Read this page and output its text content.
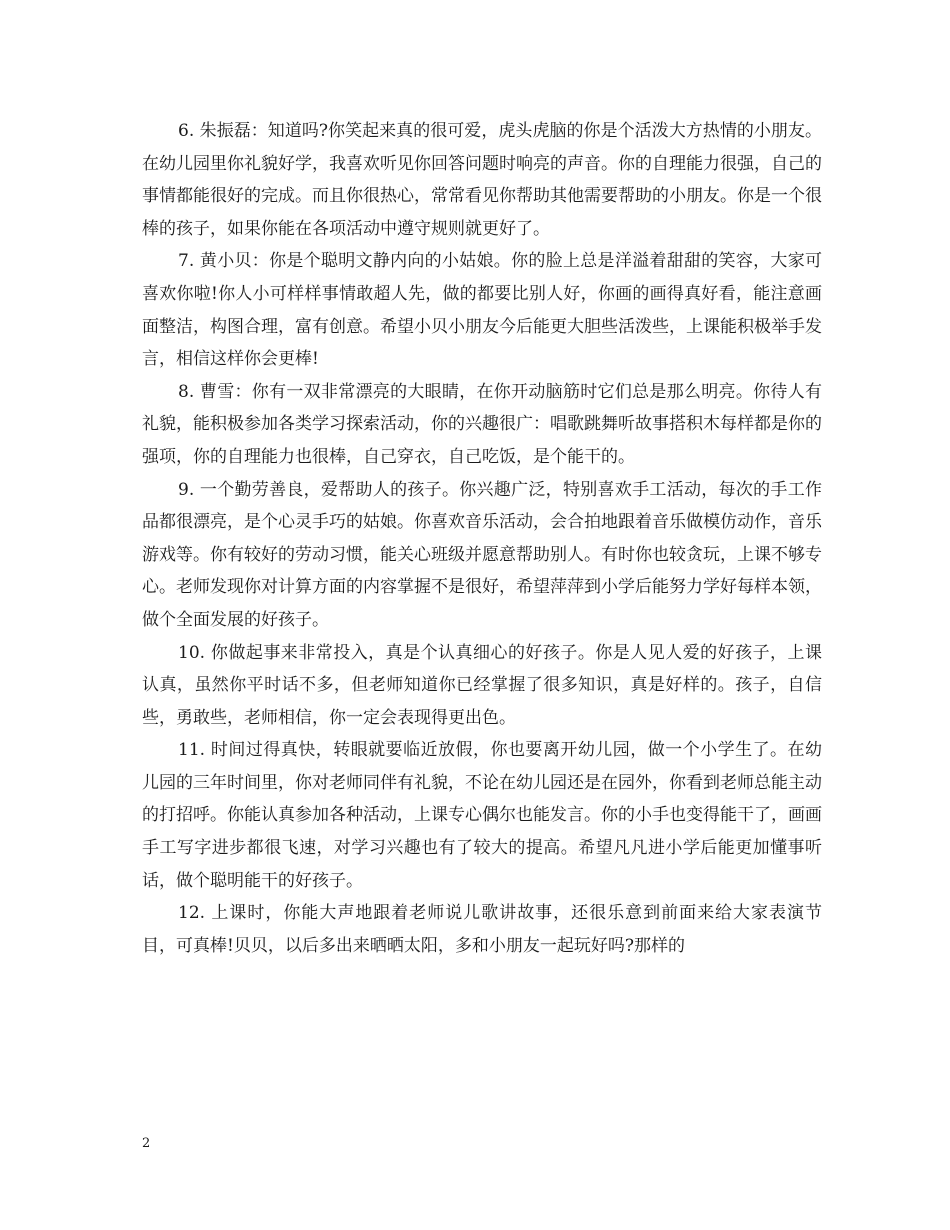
6. 朱振磊：知道吗?你笑起来真的很可爱，虎头虎脑的你是个活泼大方热情的小朋友。在幼儿园里你礼貌好学，我喜欢听见你回答问题时响亮的声音。你的自理能力很强，自己的事情都能很好的完成。而且你很热心，常常看见你帮助其他需要帮助的小朋友。你是一个很棒的孩子，如果你能在各项活动中遵守规则就更好了。

7. 黄小贝：你是个聪明文静内向的小姑娘。你的脸上总是洋溢着甜甜的笑容，大家可喜欢你啦!你人小可样样事情敢超人先，做的都要比别人好，你画的画得真好看，能注意画面整洁，构图合理，富有创意。希望小贝小朋友今后能更大胆些活泼些，上课能积极举手发言，相信这样你会更棒!

8. 曹雪：你有一双非常漂亮的大眼睛，在你开动脑筋时它们总是那么明亮。你待人有礼貌，能积极参加各类学习探索活动，你的兴趣很广：唱歌跳舞听故事搭积木每样都是你的强项，你的自理能力也很棒，自己穿衣，自己吃饭，是个能干的。

9. 一个勤劳善良，爱帮助人的孩子。你兴趣广泛，特别喜欢手工活动，每次的手工作品都很漂亮，是个心灵手巧的姑娘。你喜欢音乐活动，会合拍地跟着音乐做模仿动作，音乐游戏等。你有较好的劳动习惯，能关心班级并愿意帮助别人。有时你也较贪玩，上课不够专心。老师发现你对计算方面的内容掌握不是很好，希望萍萍到小学后能努力学好每样本领，做个全面发展的好孩子。

10. 你做起事来非常投入，真是个认真细心的好孩子。你是人见人爱的好孩子，上课认真，虽然你平时话不多，但老师知道你已经掌握了很多知识，真是好样的。孩子，自信些，勇敢些，老师相信，你一定会表现得更出色。

11. 时间过得真快，转眼就要临近放假，你也要离开幼儿园，做一个小学生了。在幼儿园的三年时间里，你对老师同伴有礼貌，不论在幼儿园还是在园外，你看到老师总能主动的打招呼。你能认真参加各种活动，上课专心偶尔也能发言。你的小手也变得能干了，画画手工写字进步都很飞速，对学习兴趣也有了较大的提高。希望凡凡进小学后能更加懂事听话，做个聪明能干的好孩子。

12. 上课时，你能大声地跟着老师说儿歌讲故事，还很乐意到前面来给大家表演节目，可真棒!贝贝，以后多出来晒晒太阳，多和小朋友一起玩好吗?那样的

2
